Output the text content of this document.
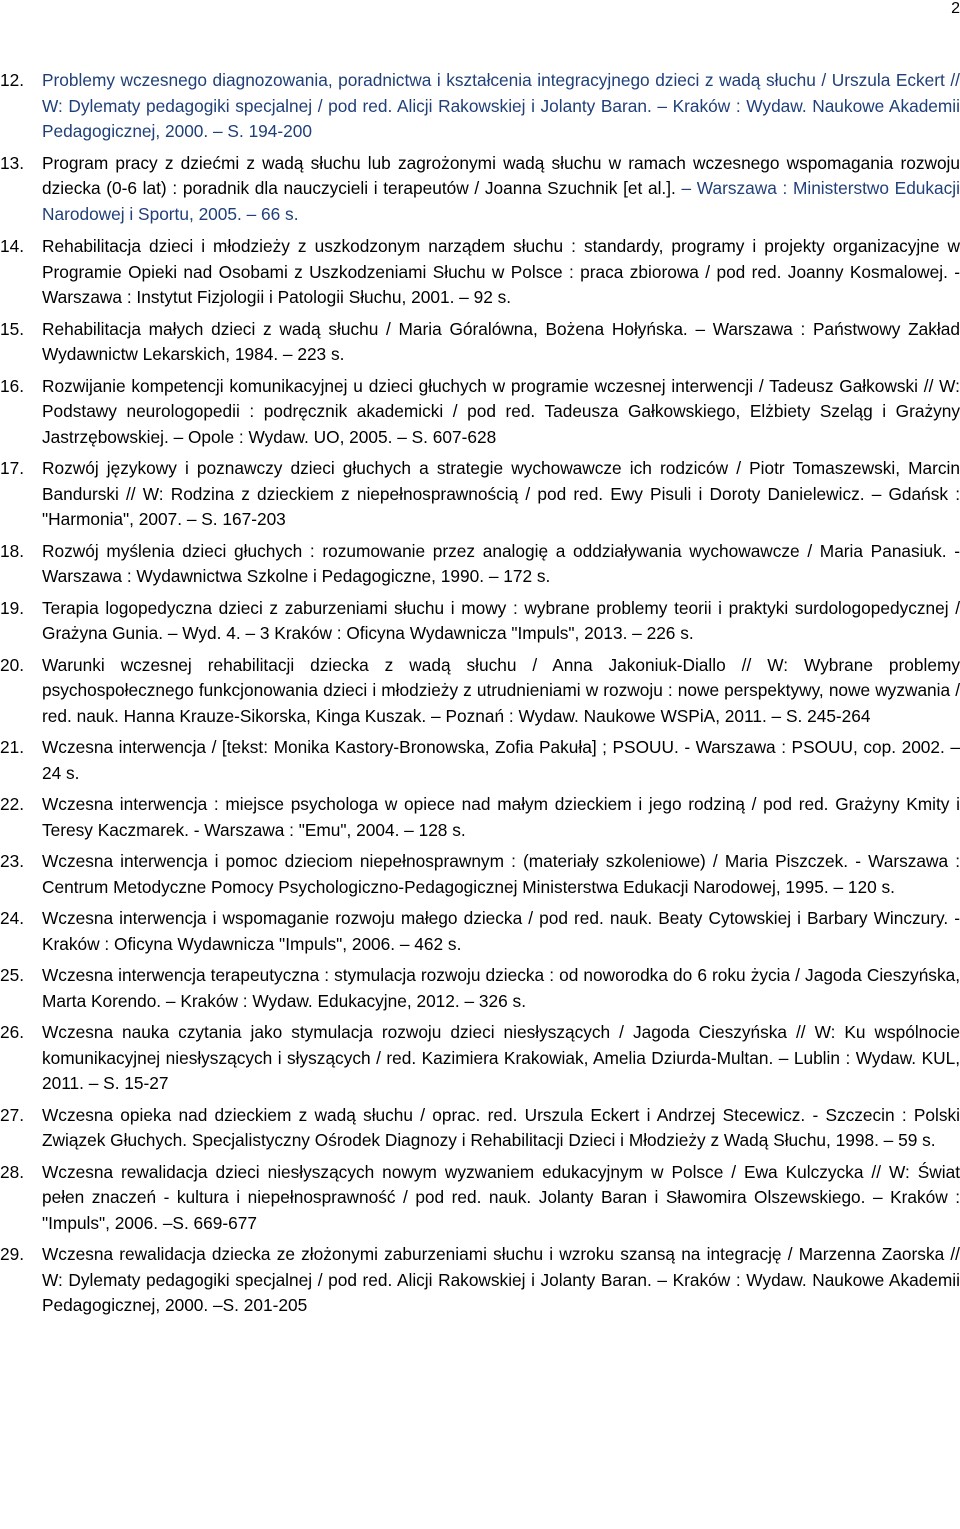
2
12. Problemy wczesnego diagnozowania, poradnictwa i kształcenia integracyjnego dzieci z wadą słuchu / Urszula Eckert // W: Dylematy pedagogiki specjalnej / pod red. Alicji Rakowskiej i Jolanty Baran. – Kraków : Wydaw. Naukowe Akademii Pedagogicznej, 2000. – S. 194-200
13. Program pracy z dziećmi z wadą słuchu lub zagrożonymi wadą słuchu w ramach wczesnego wspomagania rozwoju dziecka (0-6 lat) : poradnik dla nauczycieli i terapeutów / Joanna Szuchnik [et al.]. – Warszawa : Ministerstwo Edukacji Narodowej i Sportu, 2005. – 66 s.
14. Rehabilitacja dzieci i młodzieży z uszkodzonym narządem słuchu : standardy, programy i projekty organizacyjne w Programie Opieki nad Osobami z Uszkodzeniami Słuchu w Polsce : praca zbiorowa / pod red. Joanny Kosmalowej. - Warszawa : Instytut Fizjologii i Patologii Słuchu, 2001. – 92 s.
15. Rehabilitacja małych dzieci z wadą słuchu / Maria Góralówna, Bożena Hołyńska. – Warszawa : Państwowy Zakład Wydawnictw Lekarskich, 1984. – 223 s.
16. Rozwijanie kompetencji komunikacyjnej u dzieci głuchych w programie wczesnej interwencji / Tadeusz Gałkowski // W: Podstawy neurologopedii : podręcznik akademicki / pod red. Tadeusza Gałkowskiego, Elżbiety Szeląg i Grażyny Jastrzębowskiej. – Opole : Wydaw. UO, 2005. – S. 607-628
17. Rozwój językowy i poznawczy dzieci głuchych a strategie wychowawcze ich rodziców / Piotr Tomaszewski, Marcin Bandurski // W: Rodzina z dzieckiem z niepełnosprawnością / pod red. Ewy Pisuli i Doroty Danielewicz. – Gdańsk : "Harmonia", 2007. – S. 167-203
18. Rozwój myślenia dzieci głuchych : rozumowanie przez analogię a oddziaływania wychowawcze / Maria Panasiuk. - Warszawa : Wydawnictwa Szkolne i Pedagogiczne, 1990. – 172 s.
19. Terapia logopedyczna dzieci z zaburzeniami słuchu i mowy : wybrane problemy teorii i praktyki surdologopedycznej / Grażyna Gunia. – Wyd. 4. – 3 Kraków : Oficyna Wydawnicza "Impuls", 2013. – 226 s.
20. Warunki wczesnej rehabilitacji dziecka z wadą słuchu / Anna Jakoniuk-Diallo // W: Wybrane problemy psychospołecznego funkcjonowania dzieci i młodzieży z utrudnieniami w rozwoju : nowe perspektywy, nowe wyzwania / red. nauk. Hanna Krauze-Sikorska, Kinga Kuszak. – Poznań : Wydaw. Naukowe WSPiA, 2011. – S. 245-264
21. Wczesna interwencja / [tekst: Monika Kastory-Bronowska, Zofia Pakuła] ; PSOUU. - Warszawa : PSOUU, cop. 2002. – 24 s.
22. Wczesna interwencja : miejsce psychologa w opiece nad małym dzieckiem i jego rodziną / pod red. Grażyny Kmity i Teresy Kaczmarek. - Warszawa : "Emu", 2004. – 128 s.
23. Wczesna interwencja i pomoc dzieciom niepełnosprawnym : (materiały szkoleniowe) / Maria Piszczek. - Warszawa : Centrum Metodyczne Pomocy Psychologiczno-Pedagogicznej Ministerstwa Edukacji Narodowej, 1995. – 120 s.
24. Wczesna interwencja i wspomaganie rozwoju małego dziecka / pod red. nauk. Beaty Cytowskiej i Barbary Winczury. - Kraków : Oficyna Wydawnicza "Impuls", 2006. – 462 s.
25. Wczesna interwencja terapeutyczna : stymulacja rozwoju dziecka : od noworodka do 6 roku życia / Jagoda Cieszyńska, Marta Korendo. – Kraków : Wydaw. Edukacyjne, 2012. – 326 s.
26. Wczesna nauka czytania jako stymulacja rozwoju dzieci niesłyszących / Jagoda Cieszyńska // W: Ku wspólnocie komunikacyjnej niesłyszących i słyszących / red. Kazimiera Krakowiak, Amelia Dziurda-Multan. – Lublin : Wydaw. KUL, 2011. – S. 15-27
27. Wczesna opieka nad dzieckiem z wadą słuchu / oprac. red. Urszula Eckert i Andrzej Stecewicz. - Szczecin : Polski Związek Głuchych. Specjalistyczny Ośrodek Diagnozy i Rehabilitacji Dzieci i Młodzieży z Wadą Słuchu, 1998. – 59 s.
28. Wczesna rewalidacja dzieci niesłyszących nowym wyzwaniem edukacyjnym w Polsce / Ewa Kulczycka // W: Świat pełen znaczeń - kultura i niepełnosprawność / pod red. nauk. Jolanty Baran i Sławomira Olszewskiego. – Kraków : "Impuls", 2006. –S. 669-677
29. Wczesna rewalidacja dziecka ze złożonymi zaburzeniami słuchu i wzroku szansą na integrację / Marzenna Zaorska // W: Dylematy pedagogiki specjalnej / pod red. Alicji Rakowskiej i Jolanty Baran. – Kraków : Wydaw. Naukowe Akademii Pedagogicznej, 2000. –S. 201-205
